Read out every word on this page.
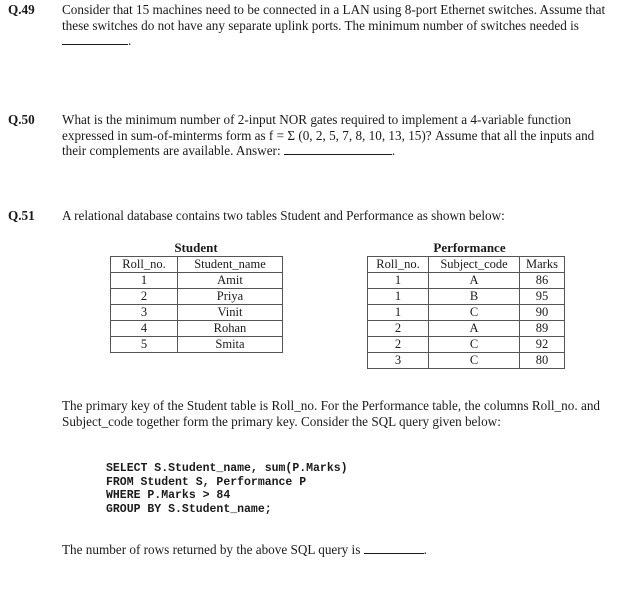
Q.49 Consider that 15 machines need to be connected in a LAN using 8-port Ethernet switches. Assume that these switches do not have any separate uplink ports. The minimum number of switches needed is.
Q.50 What is the minimum number of 2-input NOR gates required to implement a 4-variable function expressed in sum-of-minterms form as f = Σ (0, 2, 5, 7, 8, 10, 13, 15)? Assume that all the inputs and their complements are available. Answer:	.
Q.51 A relational database contains two tables Student and Performance as shown below:
Student
Roll_no.	Student_name
1	Amit
2	Priya
3	Vinit
4	Rohan
5	Smita
Performance
Roll_no.	Subject_code	Marks
1	A	86
1	B	95
1	C	90
2	A	89
2	C	92
3	C	80
The primary key of the Student table is Roll_no. For the Performance table, the columns Roll_no. and Subject_code together form the primary key. Consider the SQL query given below:
SELECT S.Student_name, sum(P.Marks)
FROM Student S, Performance P
WHERE P.Marks > 84
GROUP BY S.Student_name;
The number of rows returned by the above SQL query is	.
